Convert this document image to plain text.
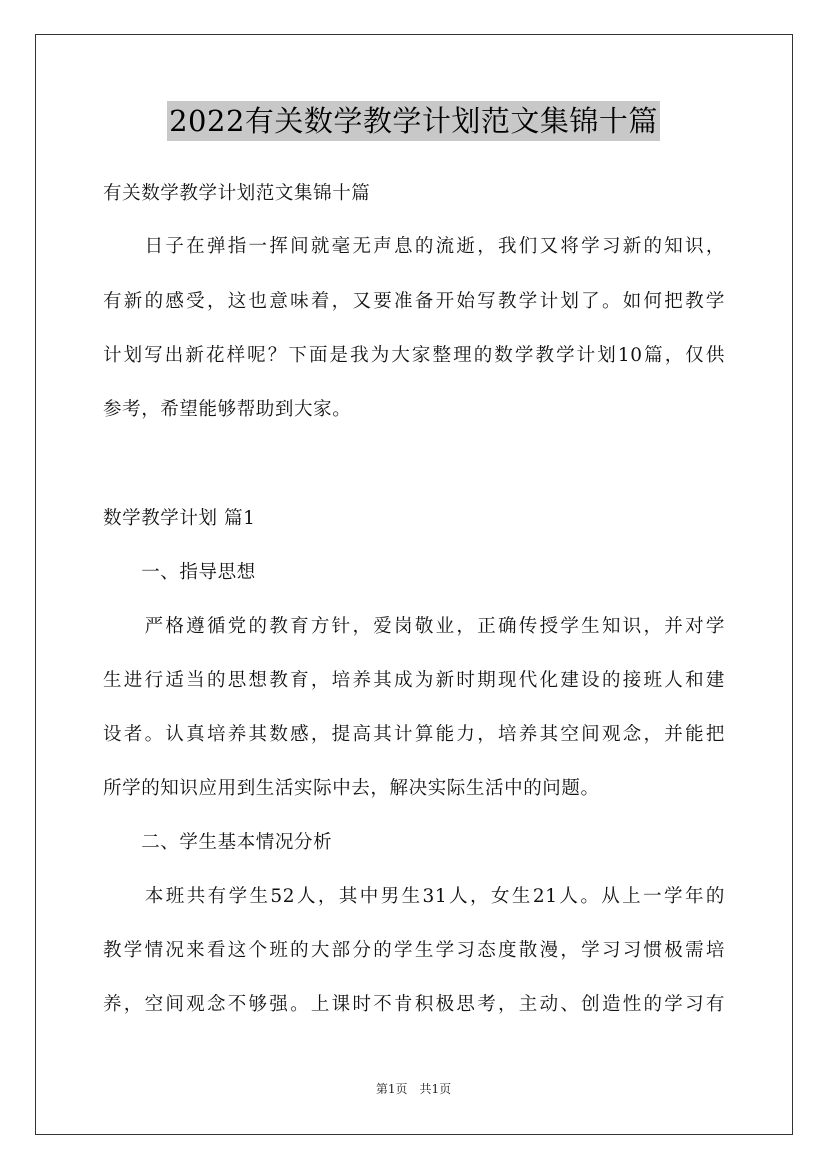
2022有关数学教学计划范文集锦十篇
有关数学教学计划范文集锦十篇
　　日子在弹指一挥间就毫无声息的流逝，我们又将学习新的知识，
有新的感受，这也意味着，又要准备开始写教学计划了。如何把教学
计划写出新花样呢？下面是我为大家整理的数学教学计划10篇，仅供
参考，希望能够帮助到大家。
数学教学计划 篇1
　　一、指导思想
　　严格遵循党的教育方针，爱岗敬业，正确传授学生知识，并对学
生进行适当的思想教育，培养其成为新时期现代化建设的接班人和建
设者。认真培养其数感，提高其计算能力，培养其空间观念，并能把
所学的知识应用到生活实际中去，解决实际生活中的问题。
　　二、学生基本情况分析
　　本班共有学生52人，其中男生31人，女生21人。从上一学年的
教学情况来看这个班的大部分的学生学习态度散漫，学习习惯极需培
养，空间观念不够强。上课时不肯积极思考，主动、创造性的学习有
第1页　共1页
